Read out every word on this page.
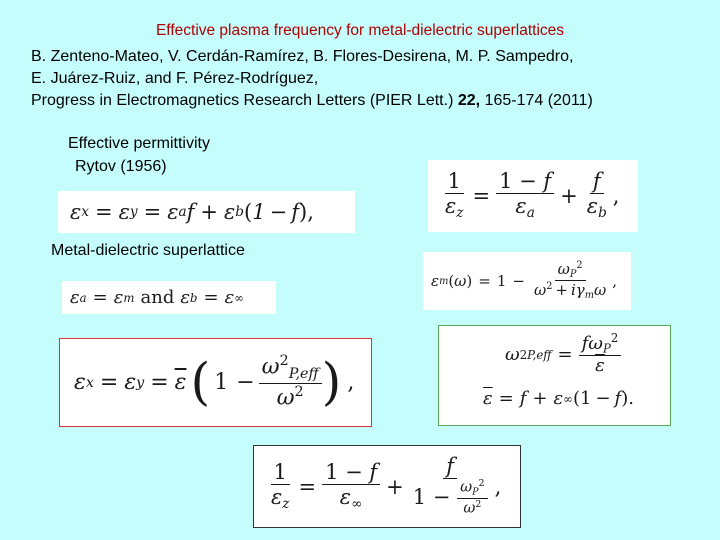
Effective plasma frequency for metal-dielectric superlattices
B. Zenteno-Mateo, V. Cerdán-Ramírez, B. Flores-Desirena, M. P. Sampedro,
E. Juárez-Ruiz, and F. Pérez-Rodríguez,
Progress in Electromagnetics Research Letters (PIER Lett.) 22, 165-174 (2011)
Effective permittivity
Rytov (1956)
Metal-dielectric superlattice
ε x = ε y = ε a f + ε b ( 1 − f ),	$\frac{1}{\varepsilon_z} = \frac{1 - f}{\varepsilon_a} + \frac{f}{\varepsilon_b}$ ,
ε m ( ω ) = $1 - \frac{\omega_P^2}{\omega^2 + i\gamma_m\omega}$ ,
ε a = ε m and ε b = ε ∞
ε x = ε $y = \overline{\varepsilon}$ ( $1 - \frac{\omega^2_{P,eff}}{\omega^2}$ ) ,
ω 2 $P,eff = \frac{f\omega_P^2}{\varepsilon}$
$\overline{\varepsilon} = f + \varepsilon$ ∞ (1 − f ).
$\frac{1}{\varepsilon_z} = \frac{1 - f}{\varepsilon_\infty} + \frac{f}{1 - \frac{\omega_P^2}{\omega^2}}$ ,
